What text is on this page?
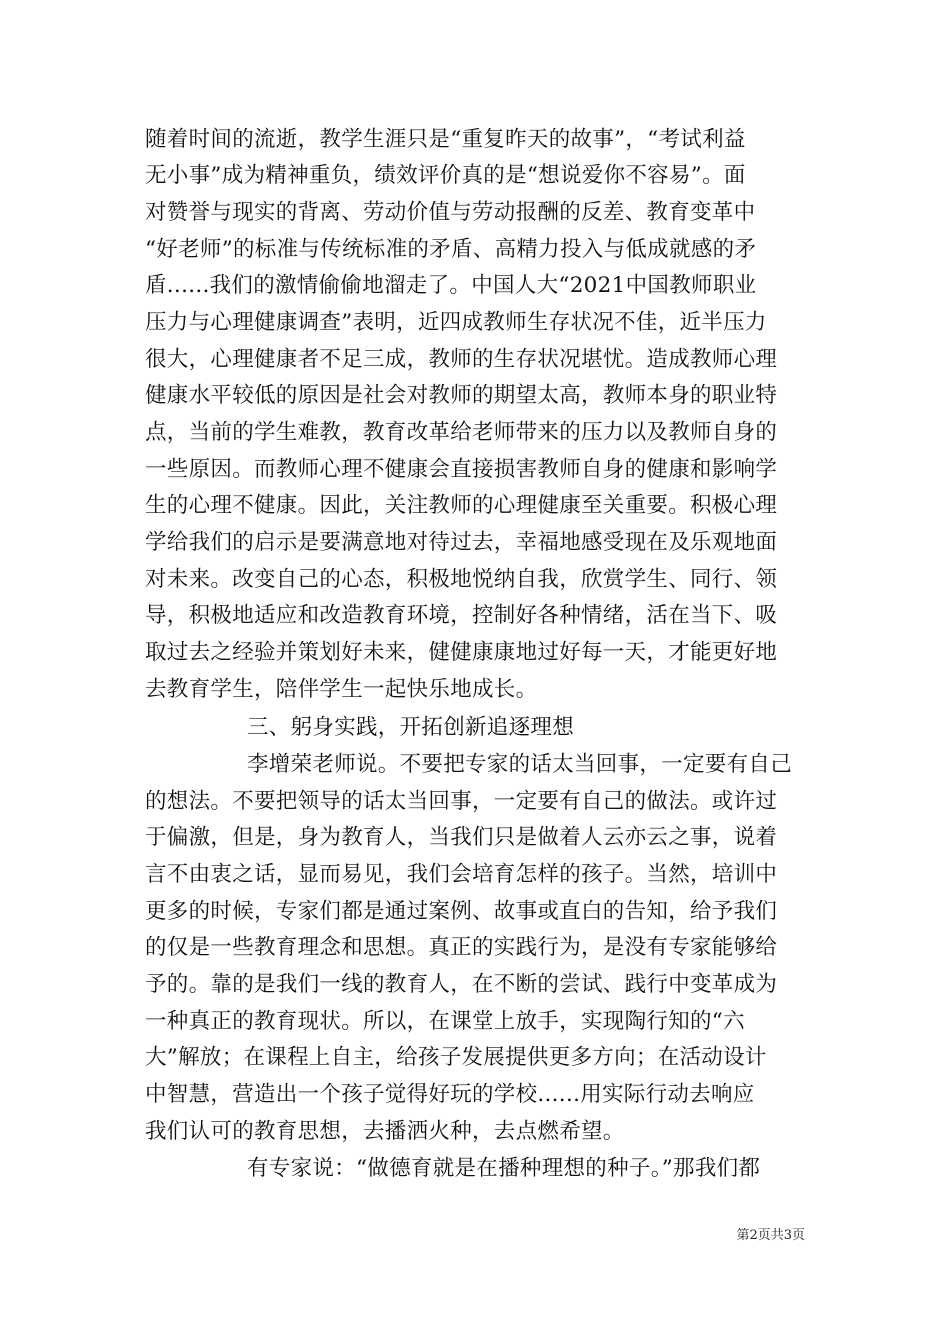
随着时间的流逝，教学生涯只是“重复昨天的故事”，“考试利益
无小事”成为精神重负，绩效评价真的是“想说爱你不容易”。面
对赞誉与现实的背离、劳动价值与劳动报酬的反差、教育变革中
“好老师”的标准与传统标准的矛盾、高精力投入与低成就感的矛
盾......我们的激情偷偷地溜走了。中国人大“2021中国教师职业
压力与心理健康调查”表明，近四成教师生存状况不佳，近半压力
很大，心理健康者不足三成，教师的生存状况堪忧。造成教师心理
健康水平较低的原因是社会对教师的期望太高，教师本身的职业特
点，当前的学生难教，教育改革给老师带来的压力以及教师自身的
一些原因。而教师心理不健康会直接损害教师自身的健康和影响学
生的心理不健康。因此，关注教师的心理健康至关重要。积极心理
学给我们的启示是要满意地对待过去，幸福地感受现在及乐观地面
对未来。改变自己的心态，积极地悦纳自我，欣赏学生、同行、领
导，积极地适应和改造教育环境，控制好各种情绪，活在当下、吸
取过去之经验并策划好未来，健健康康地过好每一天，才能更好地
去教育学生，陪伴学生一起快乐地成长。
三、躬身实践，开拓创新追逐理想
李增荣老师说。不要把专家的话太当回事，一定要有自己
的想法。不要把领导的话太当回事，一定要有自己的做法。或许过
于偏激，但是，身为教育人，当我们只是做着人云亦云之事，说着
言不由衷之话，显而易见，我们会培育怎样的孩子。当然，培训中
更多的时候，专家们都是通过案例、故事或直白的告知，给予我们
的仅是一些教育理念和思想。真正的实践行为，是没有专家能够给
予的。靠的是我们一线的教育人，在不断的尝试、践行中变革成为
一种真正的教育现状。所以，在课堂上放手，实现陶行知的“六
大”解放；在课程上自主，给孩子发展提供更多方向；在活动设计
中智慧，营造出一个孩子觉得好玩的学校......用实际行动去响应
我们认可的教育思想，去播洒火种，去点燃希望。
有专家说：“做德育就是在播种理想的种子。”那我们都
第2页共3页
